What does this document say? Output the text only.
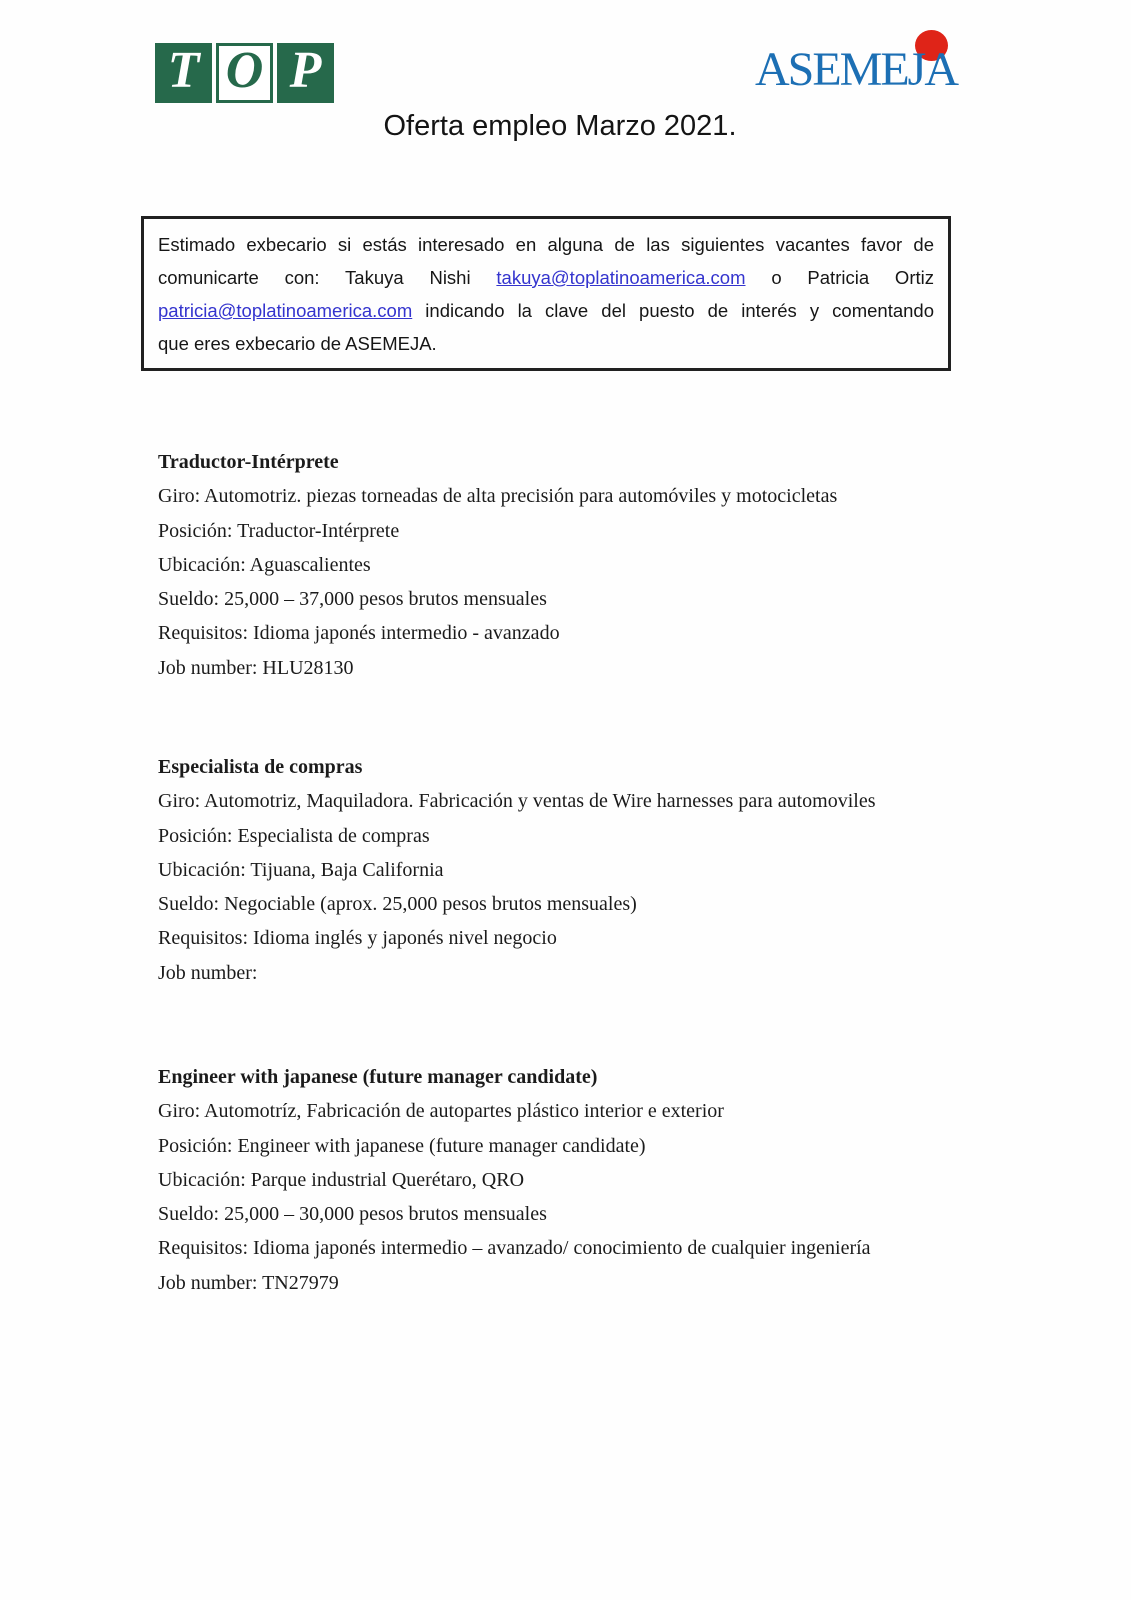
T O P	ASEMEJA
Oferta empleo Marzo 2021.
Estimado exbecario si estás interesado en alguna de las siguientes vacantes favor de
comunicarte con: Takuya Nishi takuya@toplatinoamerica.com o Patricia Ortiz
patricia@toplatinoamerica.com indicando la clave del puesto de interés y comentando
que eres exbecario de ASEMEJA.

Traductor-Intérprete

Giro: Automotriz. piezas torneadas de alta precisión para automóviles y motocicletas

Posición: Traductor-Intérprete

Ubicación: Aguascalientes

Sueldo: 25,000 – 37,000 pesos brutos mensuales

Requisitos: Idioma japonés intermedio - avanzado

Job number: HLU28130

Especialista de compras

Giro: Automotriz, Maquiladora. Fabricación y ventas de Wire harnesses para automoviles

Posición: Especialista de compras

Ubicación: Tijuana, Baja California

Sueldo: Negociable (aprox. 25,000 pesos brutos mensuales)

Requisitos: Idioma inglés y japonés nivel negocio

Job number:

Engineer with japanese (future manager candidate)

Giro: Automotríz, Fabricación de autopartes plástico interior e exterior

Posición: Engineer with japanese (future manager candidate)

Ubicación: Parque industrial Querétaro, QRO

Sueldo: 25,000 – 30,000 pesos brutos mensuales

Requisitos: Idioma japonés intermedio – avanzado/ conocimiento de cualquier ingeniería

Job number: TN27979
